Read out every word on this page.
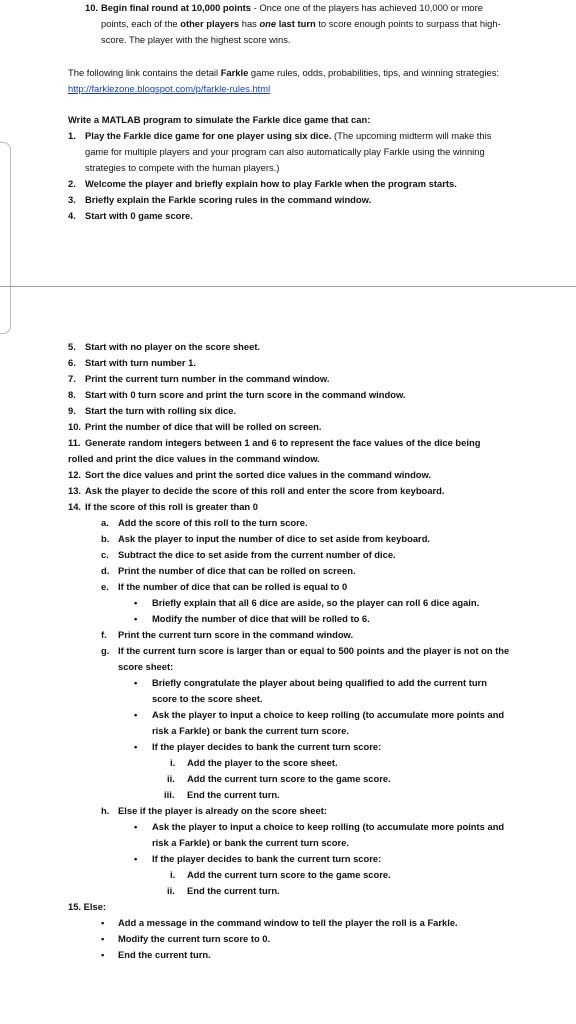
10. Begin final round at 10,000 points - Once one of the players has achieved 10,000 or more points, each of the other players has one last turn to score enough points to surpass that high-score. The player with the highest score wins.
The following link contains the detail Farkle game rules, odds, probabilities, tips, and winning strategies: http://farklezone.blogspot.com/p/farkle-rules.html
Write a MATLAB program to simulate the Farkle dice game that can:
1. Play the Farkle dice game for one player using six dice. (The upcoming midterm will make this game for multiple players and your program can also automatically play Farkle using the winning strategies to compete with the human players.)
2. Welcome the player and briefly explain how to play Farkle when the program starts.
3. Briefly explain the Farkle scoring rules in the command window.
4. Start with 0 game score.
5. Start with no player on the score sheet.
6. Start with turn number 1.
7. Print the current turn number in the command window.
8. Start with 0 turn score and print the turn score in the command window.
9. Start the turn with rolling six dice.
10. Print the number of dice that will be rolled on screen.
11. Generate random integers between 1 and 6 to represent the face values of the dice being rolled and print the dice values in the command window.
12. Sort the dice values and print the sorted dice values in the command window.
13. Ask the player to decide the score of this roll and enter the score from keyboard.
14. If the score of this roll is greater than 0
a. Add the score of this roll to the turn score.
b. Ask the player to input the number of dice to set aside from keyboard.
c. Subtract the dice to set aside from the current number of dice.
d. Print the number of dice that can be rolled on screen.
e. If the number of dice that can be rolled is equal to 0
• Briefly explain that all 6 dice are aside, so the player can roll 6 dice again.
• Modify the number of dice that will be rolled to 6.
f. Print the current turn score in the command window.
g. If the current turn score is larger than or equal to 500 points and the player is not on the score sheet:
• Briefly congratulate the player about being qualified to add the current turn score to the score sheet.
• Ask the player to input a choice to keep rolling (to accumulate more points and risk a Farkle) or bank the current turn score.
• If the player decides to bank the current turn score:
i. Add the player to the score sheet.
ii. Add the current turn score to the game score.
iii. End the current turn.
h. Else if the player is already on the score sheet:
• Ask the player to input a choice to keep rolling (to accumulate more points and risk a Farkle) or bank the current turn score.
• If the player decides to bank the current turn score:
i. Add the current turn score to the game score.
ii. End the current turn.
15. Else:
• Add a message in the command window to tell the player the roll is a Farkle.
• Modify the current turn score to 0.
• End the current turn.
